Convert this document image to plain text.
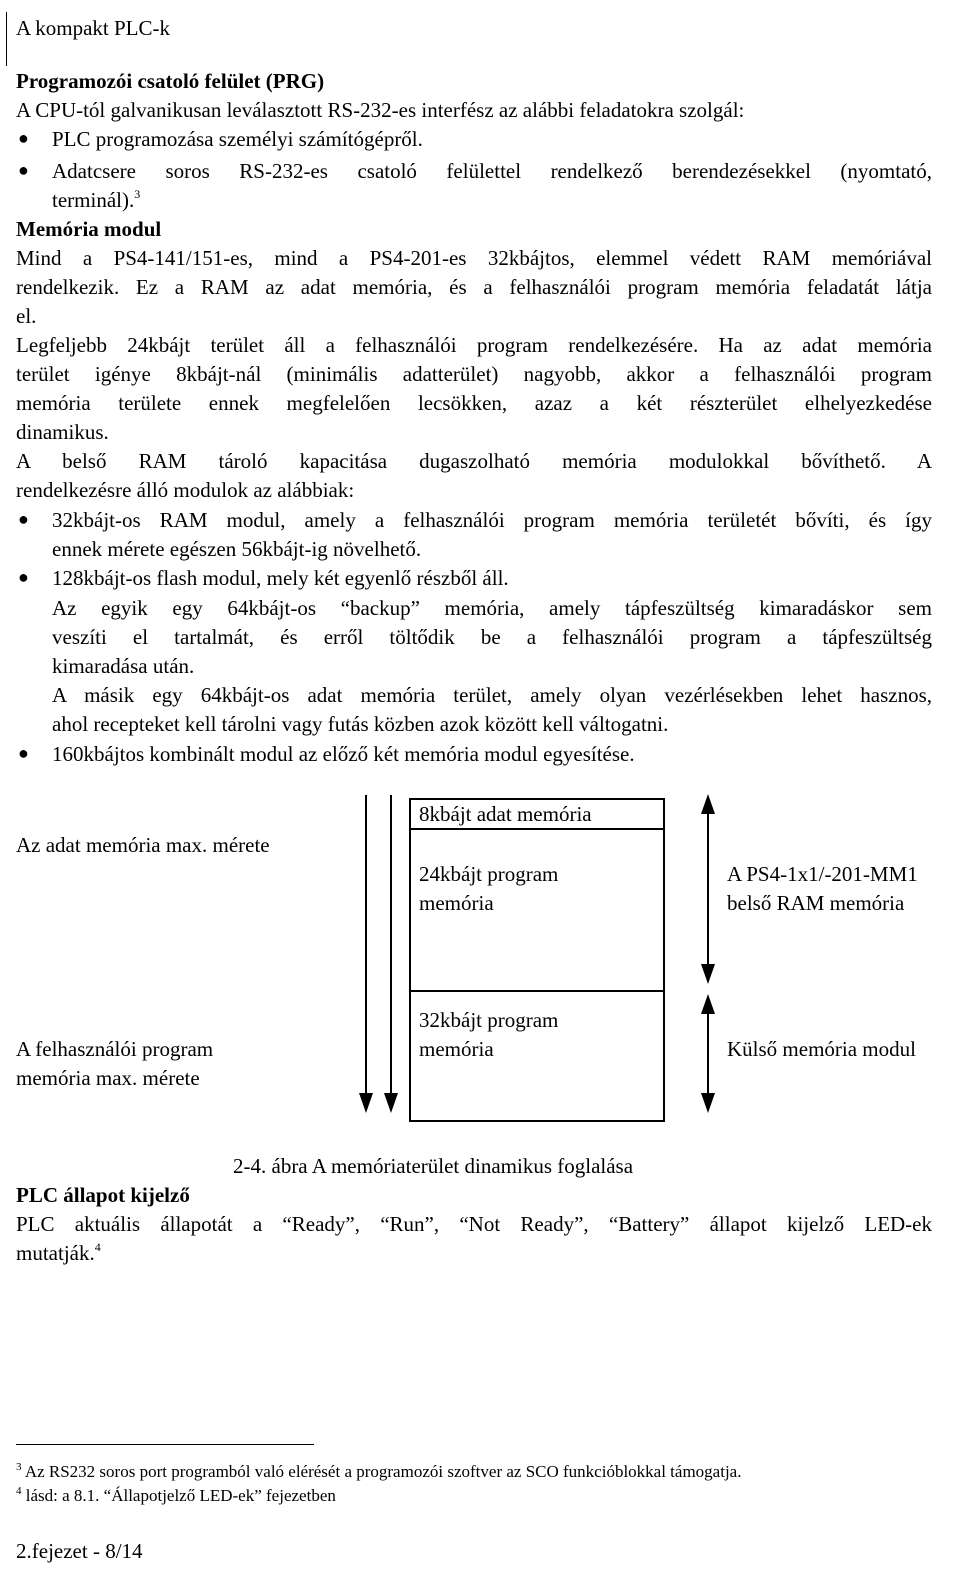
A kompakt PLC-k
Programozói csatoló felület (PRG)
A CPU-tól galvanikusan leválasztott RS-232-es interfész az alábbi feladatokra szolgál:
● PLC programozása személyi számítógépről.
● Adatcsere soros RS-232-es csatoló felülettel rendelkező berendezésekkel (nyomtató,
terminál).$^3$
Memória modul
Mind a PS4-141/151-es, mind a PS4-201-es 32kbájtos, elemmel védett RAM memóriával
rendelkezik. Ez a RAM az adat memória, és a felhasználói program memória feladatát látja
el.
Legfeljebb 24kbájt terület áll a felhasználói program rendelkezésére. Ha az adat memória
terület igénye 8kbájt-nál (minimális adatterület) nagyobb, akkor a felhasználói program
memória területe ennek megfelelően lecsökken, azaz a két részterület elhelyezkedése
dinamikus.
A belső RAM tároló kapacitása dugaszolható memória modulokkal bővíthető. A
rendelkezésre álló modulok az alábbiak:
● 32kbájt-os RAM modul, amely a felhasználói program memória területét bővíti, és így
ennek mérete egészen 56kbájt-ig növelhető.
● 128kbájt-os flash modul, mely két egyenlő részből áll.
Az egyik egy 64kbájt-os “backup” memória, amely tápfeszültség kimaradáskor sem
veszíti el tartalmát, és erről töltődik be a felhasználói program a tápfeszültség
kimaradása után.
A másik egy 64kbájt-os adat memória terület, amely olyan vezérlésekben lehet hasznos,
ahol recepteket kell tárolni vagy futás közben azok között kell váltogatni.
● 160kbájtos kombinált modul az előző két memória modul egyesítése.
8kbájt adat memória
24kbájt program
memória
32kbájt program
memória
Az adat memória max. mérete
A felhasználói program
memória max. mérete
A PS4-1x1/-201-MM1
belső RAM memória
Külső memória modul
2-4. ábra A memóriaterület dinamikus foglalása
PLC állapot kijelző
PLC aktuális állapotát a “Ready”, “Run”, “Not Ready”, “Battery” állapot kijelző LED-ek
mutatják.$^4$
$^3$ Az RS232 soros port programból való elérését a programozói szoftver az SCO funkcióblokkal támogatja.
$^4$ lásd: a 8.1. “Állapotjelző LED-ek” fejezetben
2.fejezet - 8/14
